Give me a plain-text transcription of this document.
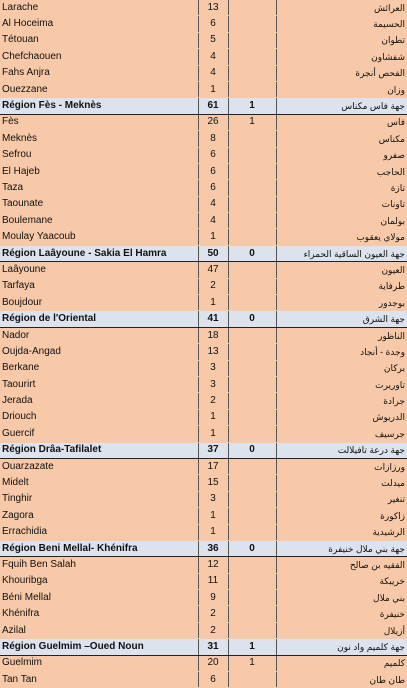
Larache	13		العرائش
Al Hoceima	6		الحسيمة
Tétouan	5		تطوان
Chefchaouen	4		شفشاون
Fahs Anjra	4		الفحص أنجرة
Ouezzane	1		وزان
Région Fès - Meknès	61	1	جهة فاس مكناس
Fès	26	1	فاس
Meknès	8		مكناس
Sefrou	6		صفرو
El Hajeb	6		الحاجب
Taza	6		تازة
Taounate	4		تاونات
Boulemane	4		بولمان
Moulay Yaacoub	1		مولاي يعقوب
Région Laâyoune - Sakia El Hamra	50	0	جهة العيون الساقية الحمراء
Laâyoune	47		العيون
Tarfaya	2		طرفاية
Boujdour	1		بوجدور
Région de l'Oriental	41	0	جهة الشرق
Nador	18		الناظور
Oujda-Angad	13		وجدة - أنجاد
Berkane	3		بركان
Taourirt	3		تاوريرت
Jerada	2		جرادة
Driouch	1		الدريوش
Guercif	1		جرسيف
Région Drâa-Tafilalet	37	0	جهة درعة تافيلالت
Ouarzazate	17		ورزازات
Midelt	15		ميدلت
Tinghir	3		تنغير
Zagora	1		زاكورة
Errachidia	1		الرشيدية
Région Beni Mellal- Khénifra	36	0	جهة بني ملال خنيفرة
Fquih Ben Salah	12		الفقيه بن صالح
Khouribga	11		خريبكة
Béni Mellal	9		بني ملال
Khénifra	2		خنيفرة
Azilal	2		أزيلال
Région Guelmim –Oued Noun	31	1	جهة كلميم واد نون
Guelmim	20	1	كلميم
Tan Tan	6		طان طان
